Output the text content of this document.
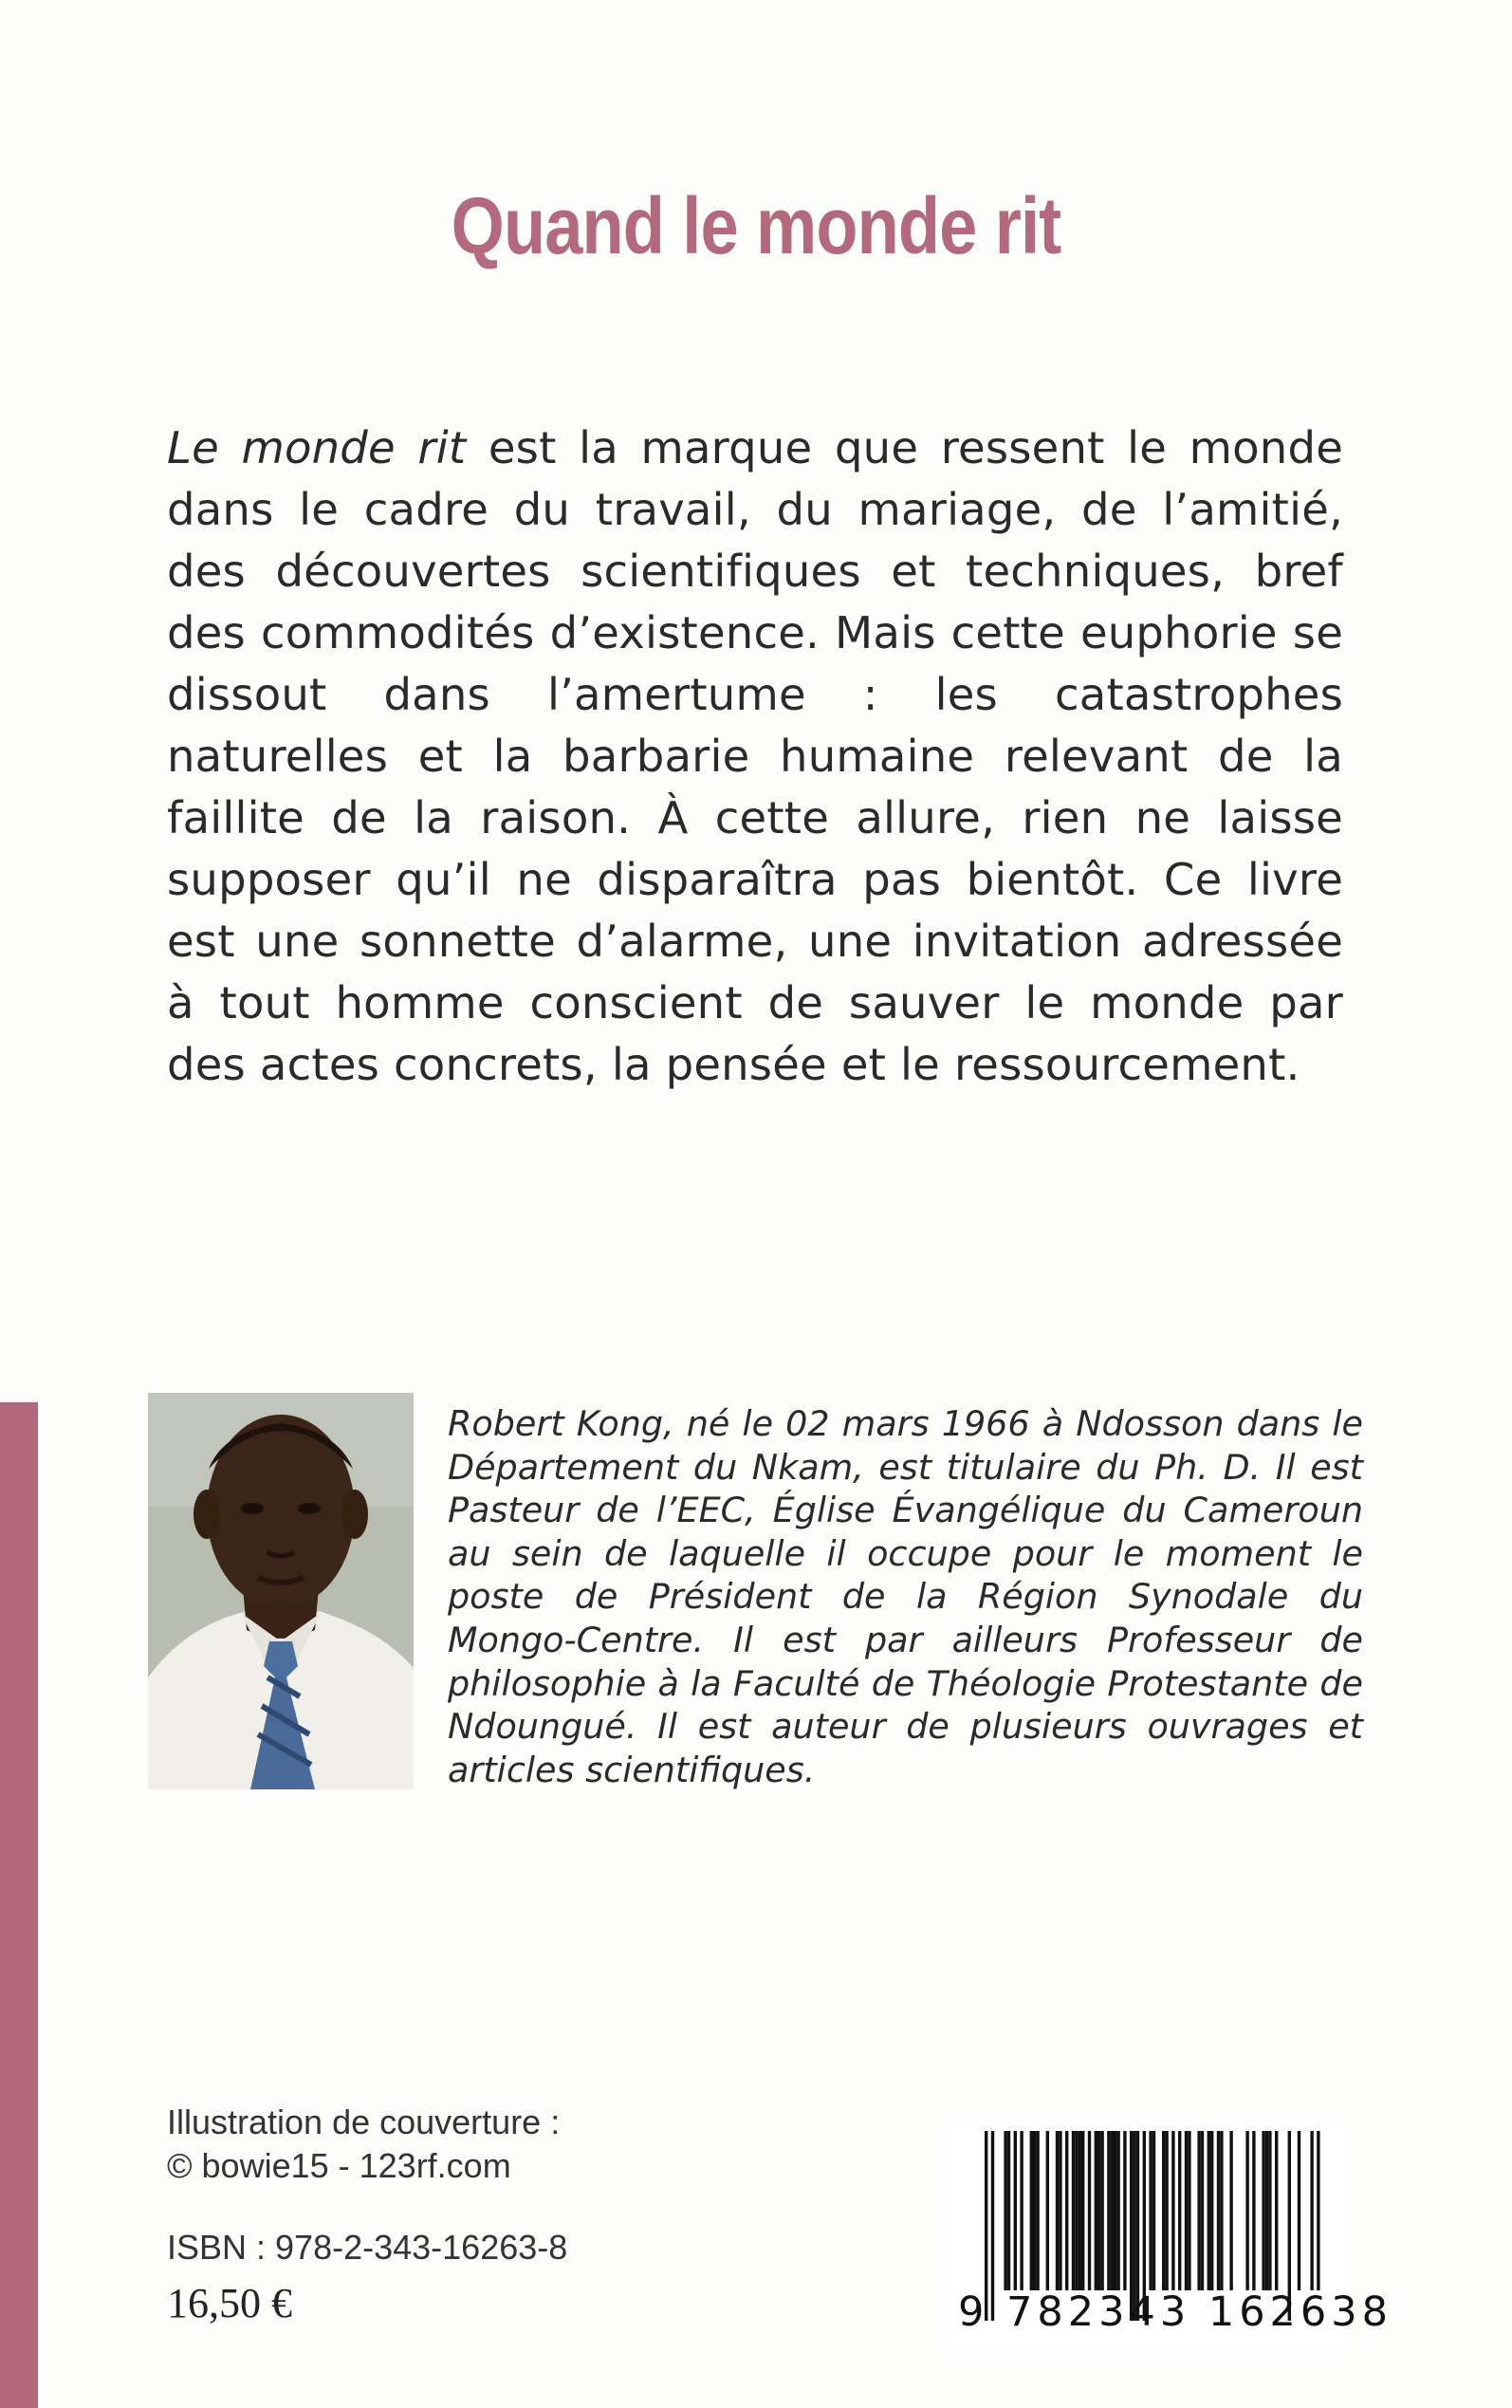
Quand le monde rit
Le monde rit est la marque que ressent le monde dans le cadre du travail, du mariage, de l’amitié, des découvertes scientifiques et techniques, bref des commodités d’existence. Mais cette euphorie se dissout dans l’amertume : les catastrophes naturelles et la barbarie humaine relevant de la faillite de la raison. À cette allure, rien ne laisse supposer qu’il ne disparaîtra pas bientôt. Ce livre est une sonnette d’alarme, une invitation adressée à tout homme conscient de sauver le monde par des actes concrets, la pensée et le ressourcement.
Robert Kong, né le 02 mars 1966 à Ndosson dans le Département du Nkam, est titulaire du Ph. D. Il est Pasteur de l’EEC, Église Évangélique du Cameroun au sein de laquelle il occupe pour le moment le poste de Président de la Région Synodale du Mongo-Centre. Il est par ailleurs Professeur de philosophie à la Faculté de Théologie Protestante de Ndoungué. Il est auteur de plusieurs ouvrages et articles scientifiques.
Illustration de couverture :
© bowie15 - 123rf.com
ISBN : 978-2-343-16263-8
16,50 €	9 782343 162638
